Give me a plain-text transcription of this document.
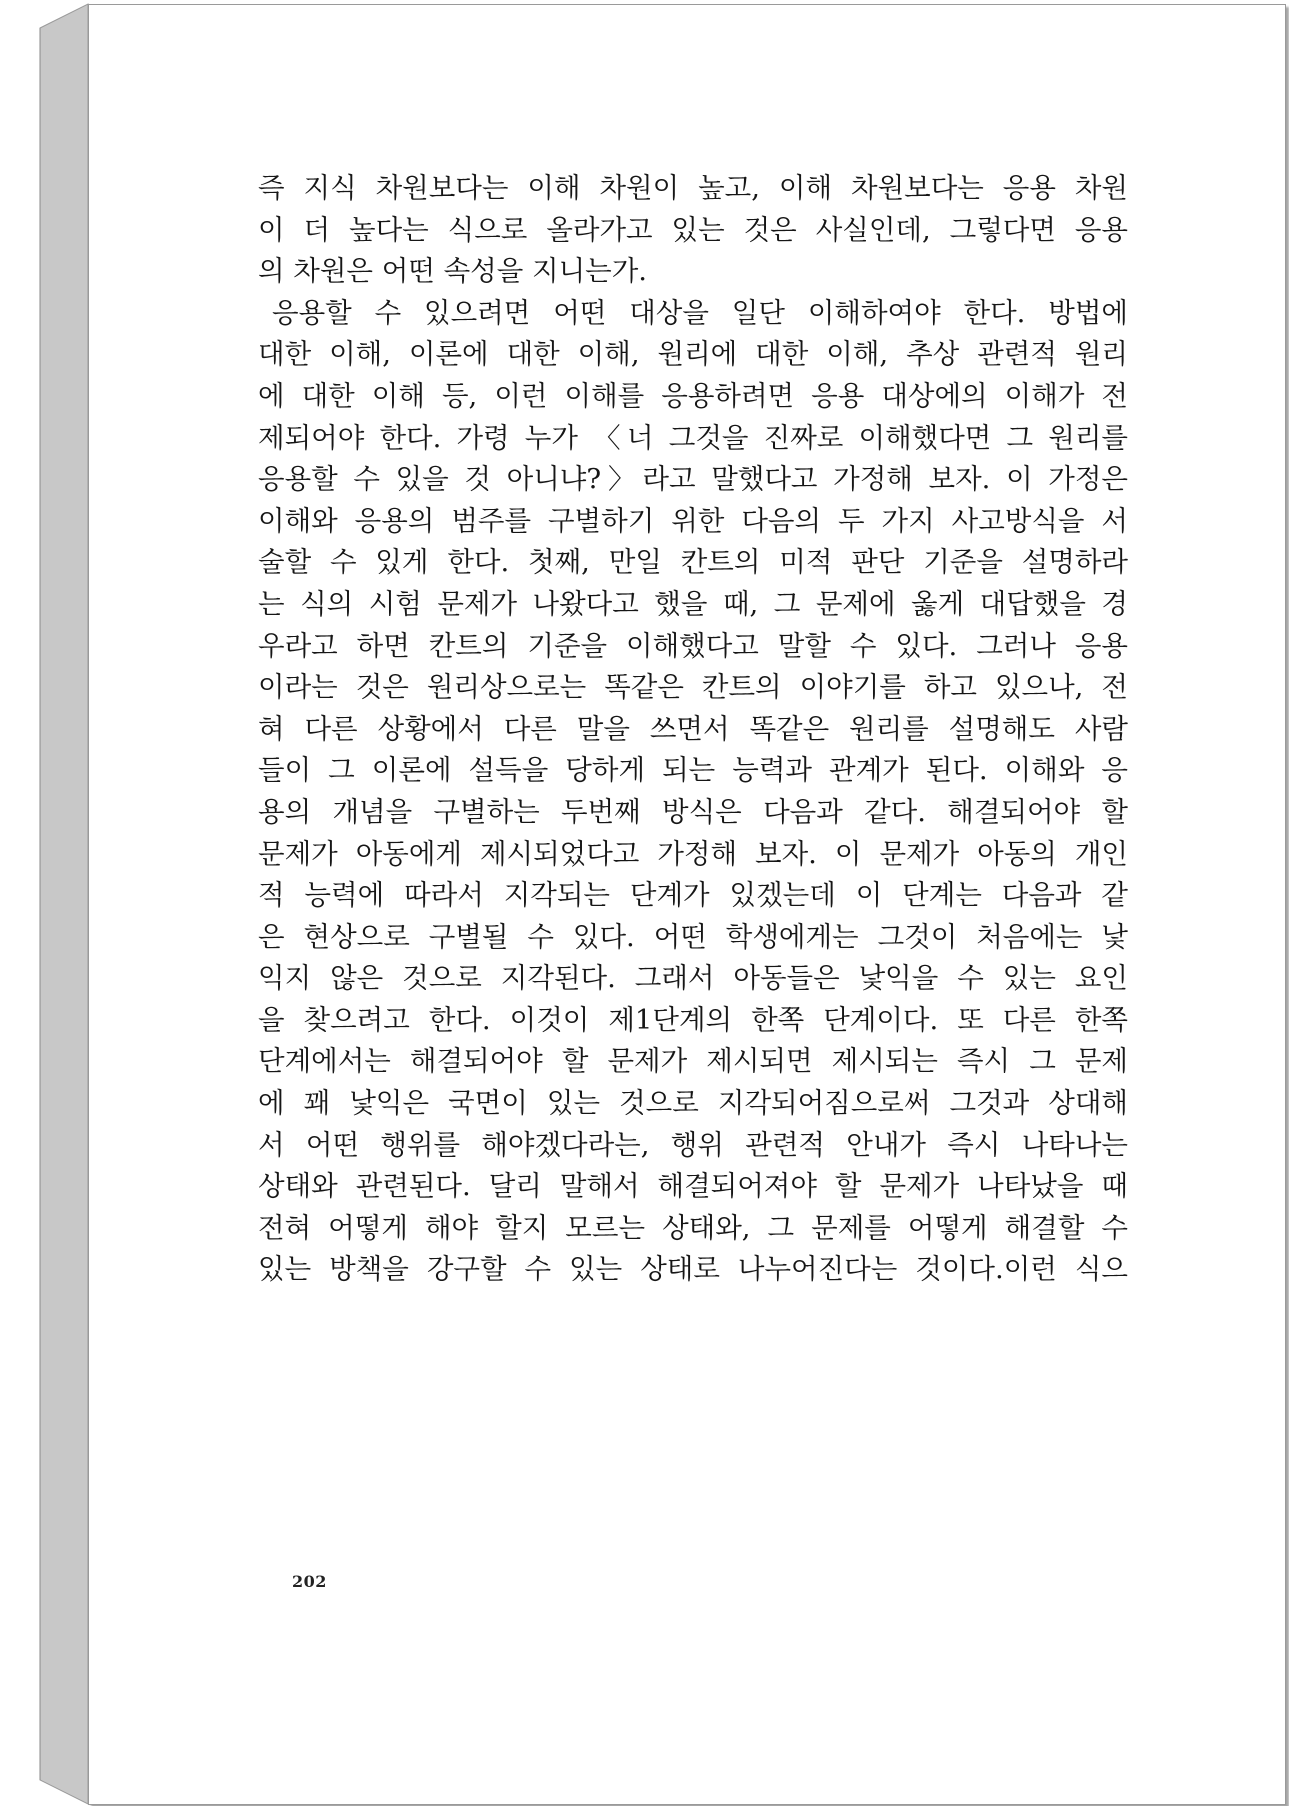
즉 지식 차원보다는 이해 차원이 높고, 이해 차원보다는 응용 차원
이 더 높다는 식으로 올라가고 있는 것은 사실인데, 그렇다면 응용
의 차원은 어떤 속성을 지니는가.
응용할 수 있으려면 어떤 대상을 일단 이해하여야 한다. 방법에
대한 이해, 이론에 대한 이해, 원리에 대한 이해, 추상 관련적 원리
에 대한 이해 등, 이런 이해를 응용하려면 응용 대상에의 이해가 전
제되어야 한다. 가령 누가 〈너 그것을 진짜로 이해했다면 그 원리를
응용할 수 있을 것 아니냐?〉라고 말했다고 가정해 보자. 이 가정은
이해와 응용의 범주를 구별하기 위한 다음의 두 가지 사고방식을 서
술할 수 있게 한다. 첫째, 만일 칸트의 미적 판단 기준을 설명하라
는 식의 시험 문제가 나왔다고 했을 때, 그 문제에 옳게 대답했을 경
우라고 하면 칸트의 기준을 이해했다고 말할 수 있다. 그러나 응용
이라는 것은 원리상으로는 똑같은 칸트의 이야기를 하고 있으나, 전
혀 다른 상황에서 다른 말을 쓰면서 똑같은 원리를 설명해도 사람
들이 그 이론에 설득을 당하게 되는 능력과 관계가 된다. 이해와 응
용의 개념을 구별하는 두번째 방식은 다음과 같다. 해결되어야 할
문제가 아동에게 제시되었다고 가정해 보자. 이 문제가 아동의 개인
적 능력에 따라서 지각되는 단계가 있겠는데 이 단계는 다음과 같
은 현상으로 구별될 수 있다. 어떤 학생에게는 그것이 처음에는 낯
익지 않은 것으로 지각된다. 그래서 아동들은 낯익을 수 있는 요인
을 찾으려고 한다. 이것이 제1단계의 한쪽 단계이다. 또 다른 한쪽
단계에서는 해결되어야 할 문제가 제시되면 제시되는 즉시 그 문제
에 꽤 낯익은 국면이 있는 것으로 지각되어짐으로써 그것과 상대해
서 어떤 행위를 해야겠다라는, 행위 관련적 안내가 즉시 나타나는
상태와 관련된다. 달리 말해서 해결되어져야 할 문제가 나타났을 때
전혀 어떻게 해야 할지 모르는 상태와, 그 문제를 어떻게 해결할 수
있는 방책을 강구할 수 있는 상태로 나누어진다는 것이다.이런 식으
202
